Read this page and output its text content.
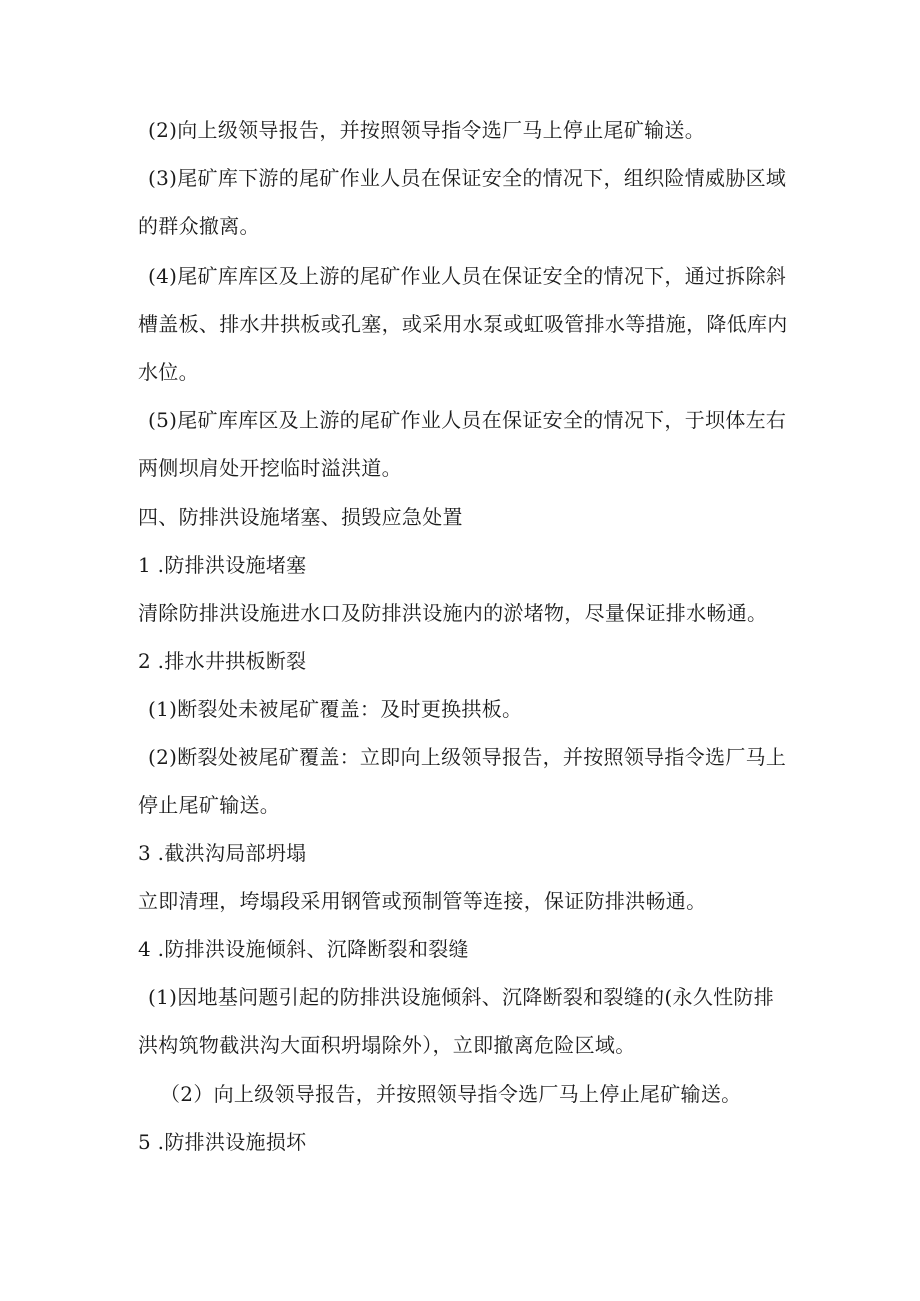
(2)向上级领导报告，并按照领导指令选厂马上停止尾矿输送。
(3)尾矿库下游的尾矿作业人员在保证安全的情况下，组织险情威胁区域
的群众撤离。
(4)尾矿库库区及上游的尾矿作业人员在保证安全的情况下，通过拆除斜
槽盖板、排水井拱板或孔塞，或采用水泵或虹吸管排水等措施，降低库内
水位。
(5)尾矿库库区及上游的尾矿作业人员在保证安全的情况下，于坝体左右
两侧坝肩处开挖临时溢洪道。
四、防排洪设施堵塞、损毁应急处置
1 .防排洪设施堵塞
清除防排洪设施进水口及防排洪设施内的淤堵物，尽量保证排水畅通。
2 .排水井拱板断裂
(1)断裂处未被尾矿覆盖：及时更换拱板。
(2)断裂处被尾矿覆盖：立即向上级领导报告，并按照领导指令选厂马上
停止尾矿输送。
3 .截洪沟局部坍塌
立即清理，垮塌段采用钢管或预制管等连接，保证防排洪畅通。
4 .防排洪设施倾斜、沉降断裂和裂缝
(1)因地基问题引起的防排洪设施倾斜、沉降断裂和裂缝的(永久性防排
洪构筑物截洪沟大面积坍塌除外），立即撤离危险区域。
（2）向上级领导报告，并按照领导指令选厂马上停止尾矿输送。
5 .防排洪设施损坏
